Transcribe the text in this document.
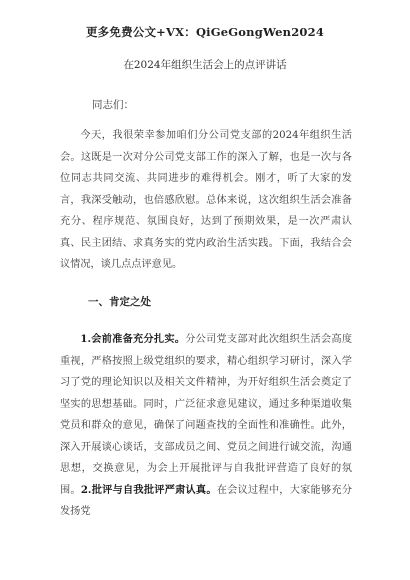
更多免费公文+VX：QiGeGongWen2024
在2024年组织生活会上的点评讲话
同志们：

今天，我很荣幸参加咱们分公司党支部的2024年组织生活会。这既是一次对分公司党支部工作的深入了解，也是一次与各位同志共同交流、共同进步的难得机会。刚才，听了大家的发言，我深受触动，也倍感欣慰。总体来说，这次组织生活会准备充分、程序规范、氛围良好，达到了预期效果，是一次严肃认真、民主团结、求真务实的党内政治生活实践。下面，我结合会议情况，谈几点点评意见。

一、肯定之处

1.会前准备充分扎实。分公司党支部对此次组织生活会高度重视，严格按照上级党组织的要求，精心组织学习研讨，深入学习了党的理论知识以及相关文件精神，为开好组织生活会奠定了坚实的思想基础。同时，广泛征求意见建议，通过多种渠道收集党员和群众的意见，确保了问题查找的全面性和准确性。此外，深入开展谈心谈话，支部成员之间、党员之间进行诚交流，沟通思想，交换意见，为会上开展批评与自我批评营造了良好的氛围。2.批评与自我批评严肃认真。在会议过程中，大家能够充分发扬党
